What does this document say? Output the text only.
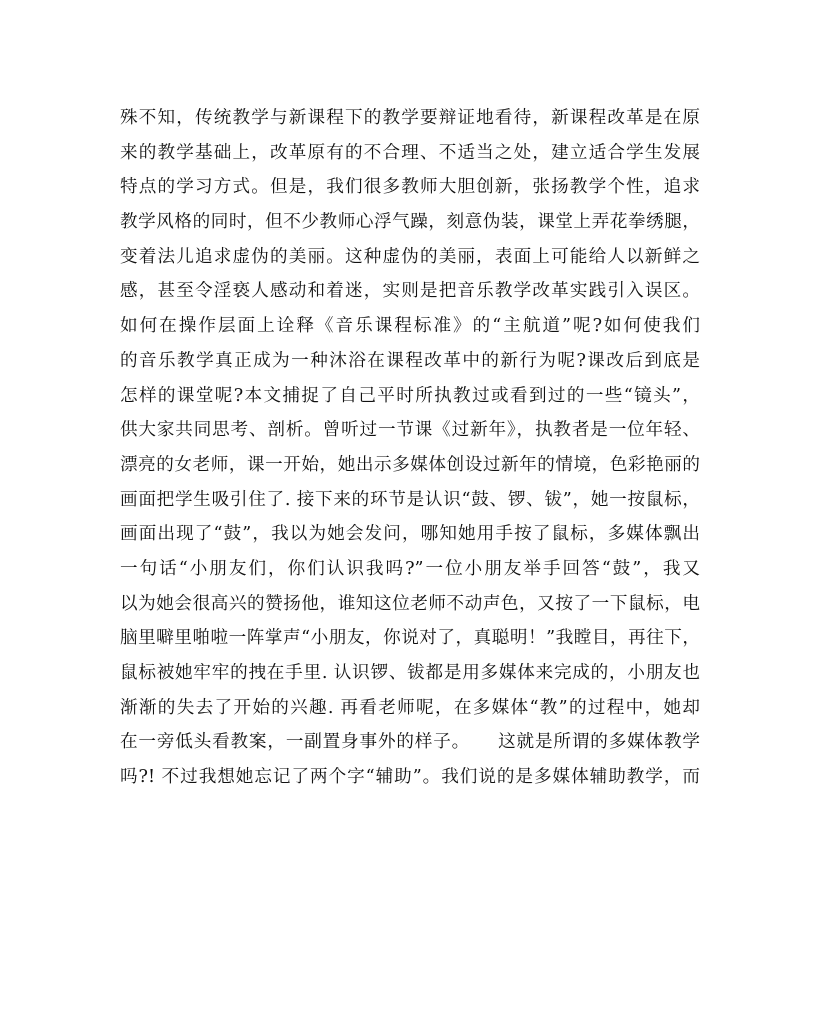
殊不知，传统教学与新课程下的教学要辩证地看待，新课程改革是在原
来的教学基础上，改革原有的不合理、不适当之处，建立适合学生发展
特点的学习方式。但是，我们很多教师大胆创新，张扬教学个性，追求
教学风格的同时，但不少教师心浮气躁，刻意伪装，课堂上弄花拳绣腿，
变着法儿追求虚伪的美丽。这种虚伪的美丽，表面上可能给人以新鲜之
感，甚至令淫亵人感动和着迷，实则是把音乐教学改革实践引入误区。
如何在操作层面上诠释《音乐课程标准》的“主航道”呢?如何使我们
的音乐教学真正成为一种沐浴在课程改革中的新行为呢?课改后到底是
怎样的课堂呢?本文捕捉了自己平时所执教过或看到过的一些“镜头”，
供大家共同思考、剖析。曾听过一节课《过新年》，执教者是一位年轻、
漂亮的女老师，课一开始，她出示多媒体创设过新年的情境，色彩艳丽的
画面把学生吸引住了. 接下来的环节是认识“鼓、锣、钹”，她一按鼠标，
画面出现了“鼓”，我以为她会发问，哪知她用手按了鼠标，多媒体飘出
一句话“小朋友们，你们认识我吗?”一位小朋友举手回答“鼓”，我又
以为她会很高兴的赞扬他，谁知这位老师不动声色，又按了一下鼠标，电
脑里噼里啪啦一阵掌声“小朋友，你说对了，真聪明！”我瞠目，再往下，
鼠标被她牢牢的拽在手里. 认识锣、钹都是用多媒体来完成的，小朋友也
渐渐的失去了开始的兴趣. 再看老师呢，在多媒体“教”的过程中，她却
在一旁低头看教案，一副置身事外的样子。　　这就是所谓的多媒体教学
吗?! 不过我想她忘记了两个字“辅助”。我们说的是多媒体辅助教学，而
